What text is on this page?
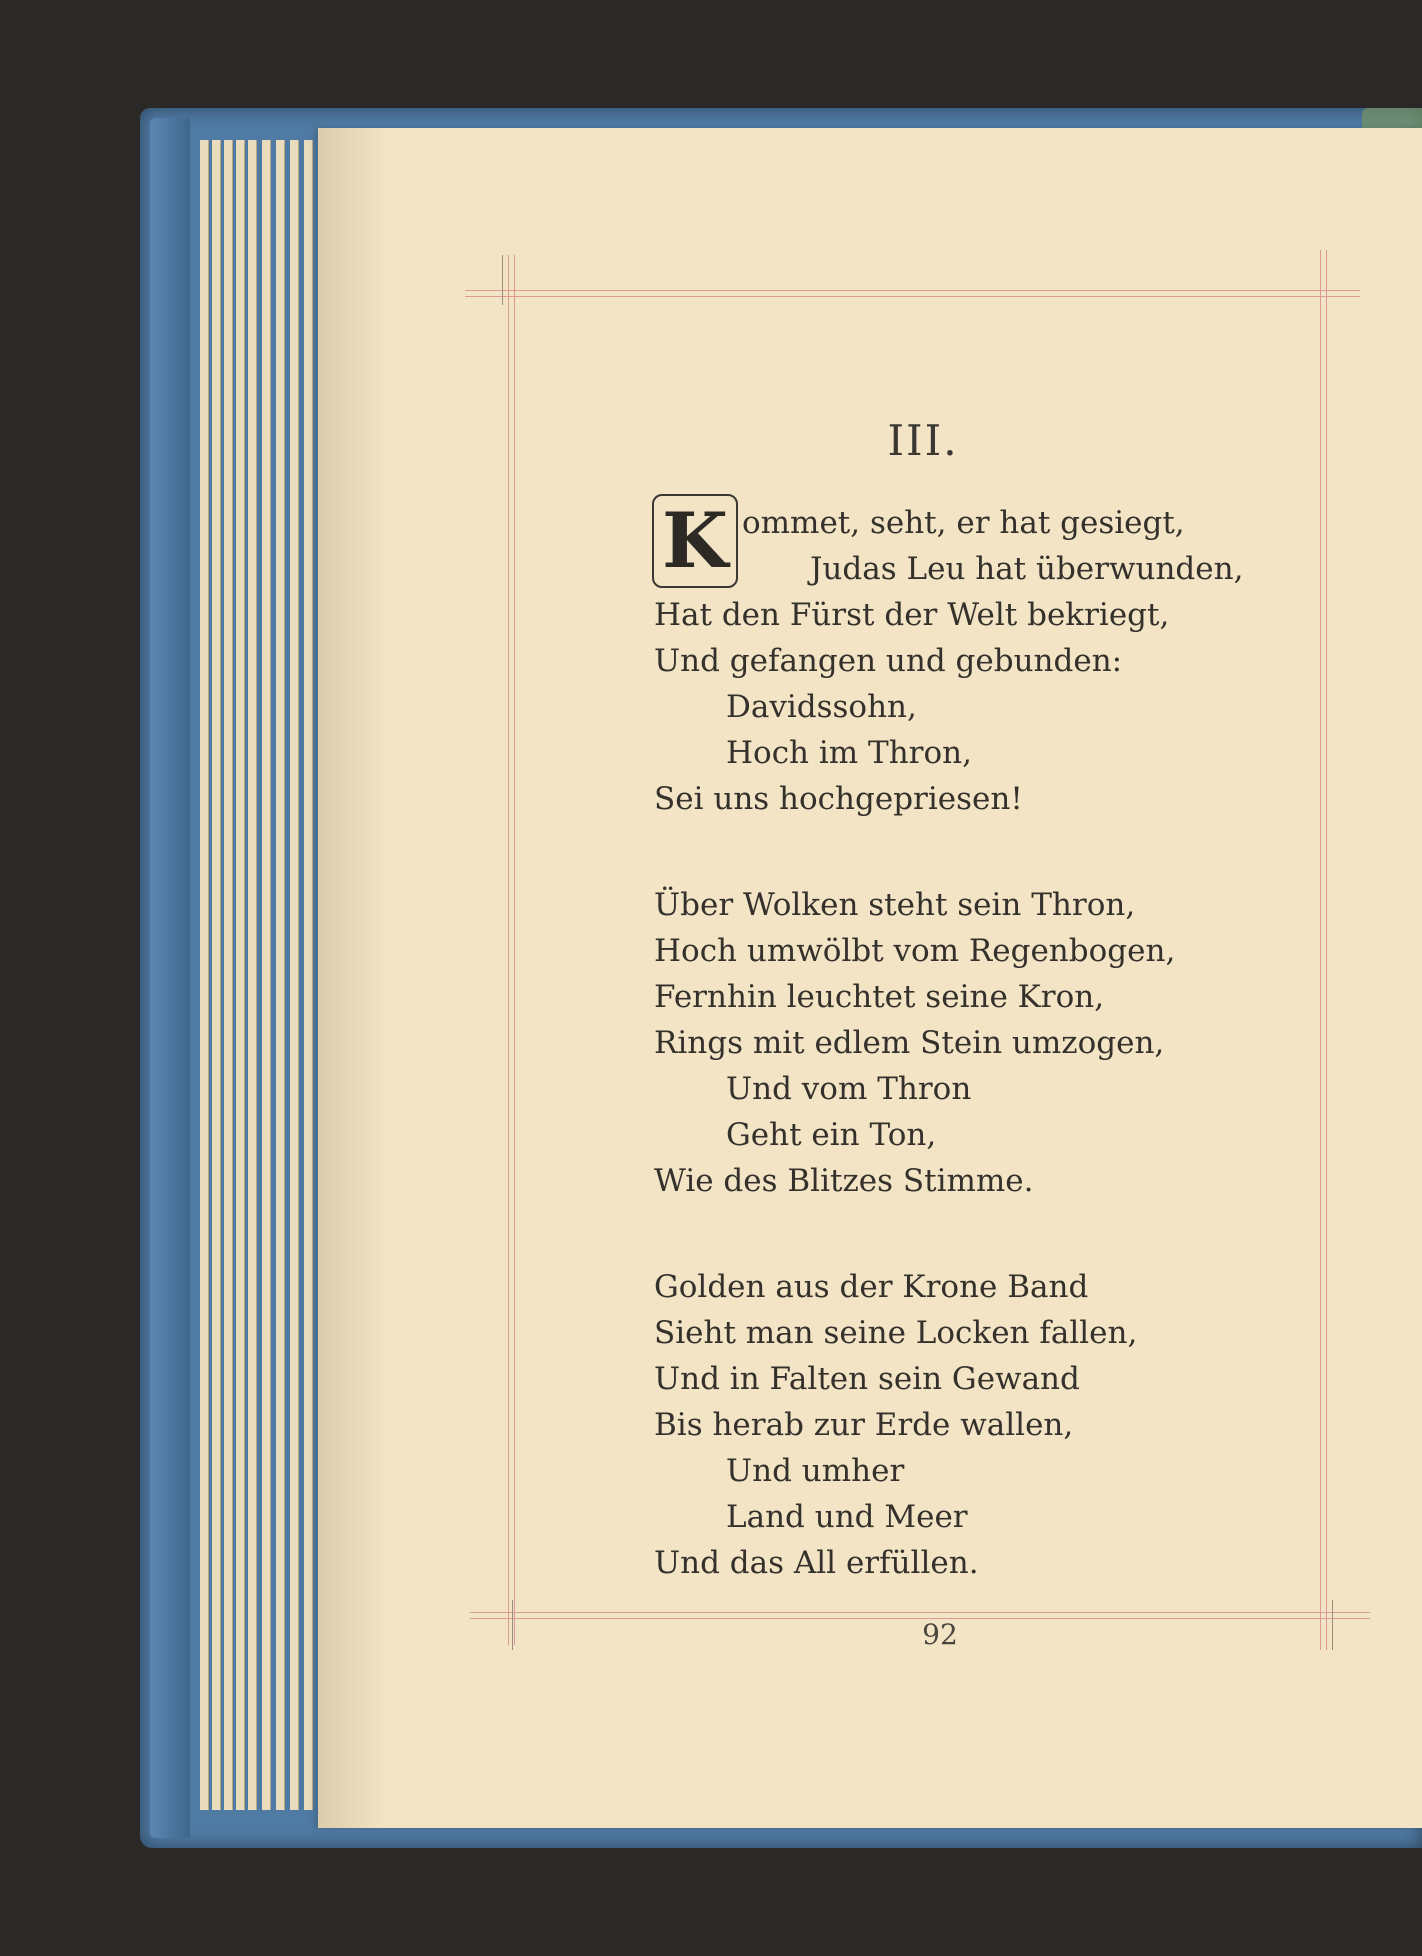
III.
K ommet, seht, er hat gesiegt,
Judas Leu hat überwunden,
Hat den Fürst der Welt bekriegt,
Und gefangen und gebunden:
Davidssohn,
Hoch im Thron,
Sei uns hochgepriesen!
Über Wolken steht sein Thron,
Hoch umwölbt vom Regenbogen,
Fernhin leuchtet seine Kron,
Rings mit edlem Stein umzogen,
Und vom Thron
Geht ein Ton,
Wie des Blitzes Stimme.
Golden aus der Krone Band
Sieht man seine Locken fallen,
Und in Falten sein Gewand
Bis herab zur Erde wallen,
Und umher
Land und Meer
Und das All erfüllen.
92
